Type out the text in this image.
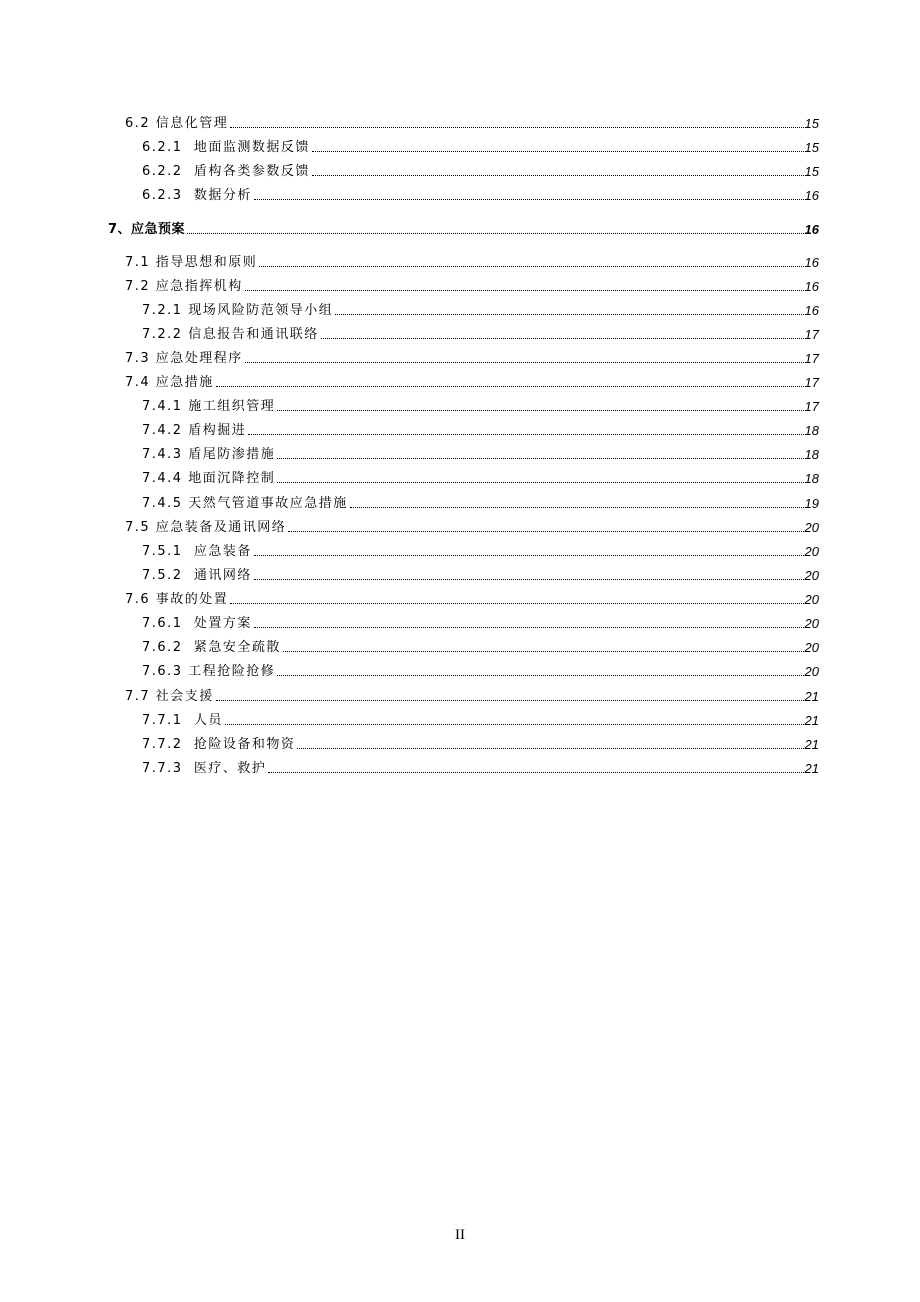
6.2 信息化管理	15
6.2.1  地面监测数据反馈	15
6.2.2  盾构各类参数反馈	15
6.2.3  数据分析	16
7、应急预案	16
7.1 指导思想和原则	16
7.2 应急指挥机构	16
7.2.1 现场风险防范领导小组	16
7.2.2 信息报告和通讯联络	17
7.3 应急处理程序	17
7.4 应急措施	17
7.4.1 施工组织管理	17
7.4.2 盾构掘进	18
7.4.3 盾尾防渗措施	18
7.4.4 地面沉降控制	18
7.4.5 天然气管道事故应急措施	19
7.5 应急装备及通讯网络	20
7.5.1  应急装备	20
7.5.2  通讯网络	20
7.6 事故的处置	20
7.6.1  处置方案	20
7.6.2  紧急安全疏散	20
7.6.3 工程抢险抢修	20
7.7 社会支援	21
7.7.1  人员	21
7.7.2  抢险设备和物资	21
7.7.3  医疗、救护	21
II
